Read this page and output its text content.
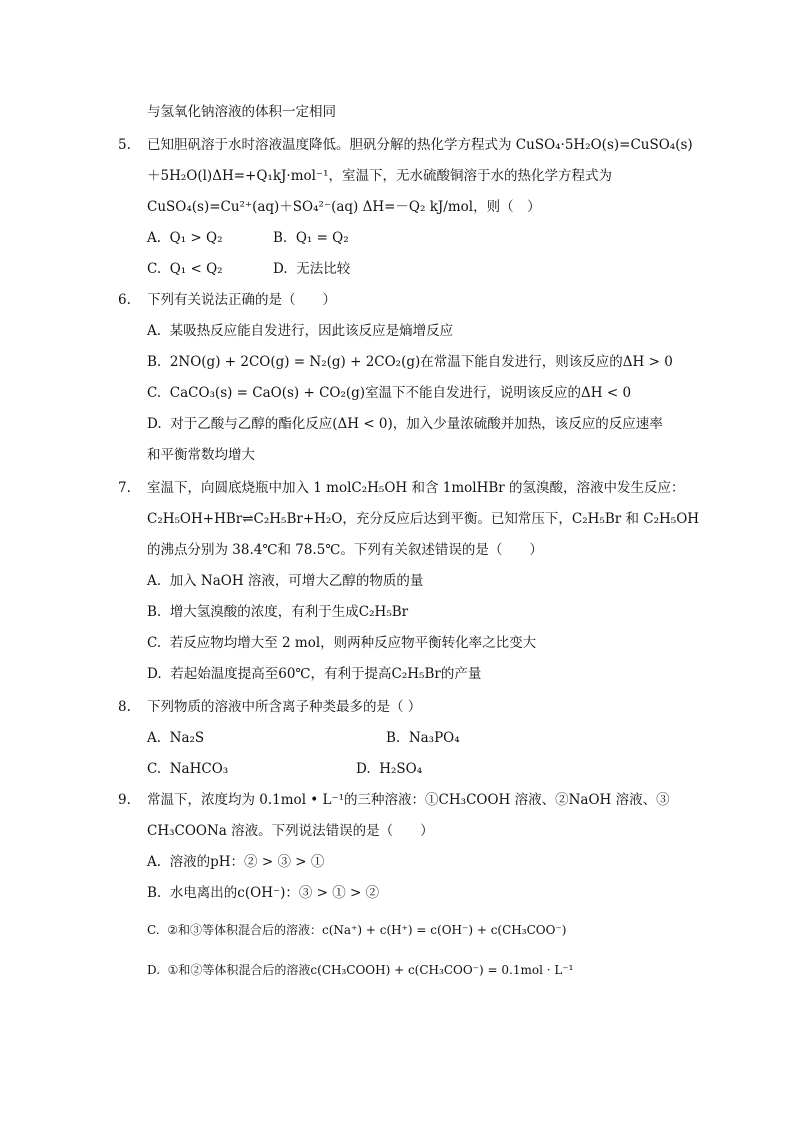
与氢氧化钠溶液的体积一定相同
5. 已知胆矾溶于水时溶液温度降低。胆矾分解的热化学方程式为 CuSO₄·5H₂O(s)=CuSO₄(s)
＋5H₂O(l)ΔH=+Q₁kJ·mol⁻¹，室温下，无水硫酸铜溶于水的热化学方程式为
CuSO₄(s)=Cu²⁺(aq)＋SO₄²⁻(aq) ΔH=－Q₂ kJ/mol，则（　）
A. Q₁ > Q₂	B. Q₁ = Q₂
C. Q₁ < Q₂	D. 无法比较
6. 下列有关说法正确的是（　　）
A. 某吸热反应能自发进行，因此该反应是熵增反应
B. 2NO(g) + 2CO(g) = N₂(g) + 2CO₂(g)在常温下能自发进行，则该反应的ΔH > 0
C. CaCO₃(s) = CaO(s) + CO₂(g)室温下不能自发进行，说明该反应的ΔH < 0
D. 对于乙酸与乙醇的酯化反应(ΔH < 0)，加入少量浓硫酸并加热，该反应的反应速率
和平衡常数均增大
7. 室温下，向圆底烧瓶中加入 1 molC₂H₅OH 和含 1molHBr 的氢溴酸，溶液中发生反应：
C₂H₅OH+HBr⇌C₂H₅Br+H₂O，充分反应后达到平衡。已知常压下，C₂H₅Br 和 C₂H₅OH
的沸点分别为 38.4℃和 78.5℃。下列有关叙述错误的是（　　）
A. 加入 NaOH 溶液，可增大乙醇的物质的量
B. 增大氢溴酸的浓度，有利于生成C₂H₅Br
C. 若反应物均增大至 2 mol，则两种反应物平衡转化率之比变大
D. 若起始温度提高至60℃，有利于提高C₂H₅Br的产量
8. 下列物质的溶液中所含离子种类最多的是（ ）
A. Na₂S	B. Na₃PO₄
C. NaHCO₃	D. H₂SO₄
9. 常温下，浓度均为 0.1mol • L⁻¹的三种溶液：①CH₃COOH 溶液、②NaOH 溶液、③
CH₃COONa 溶液。下列说法错误的是（　　）
A. 溶液的pH：② > ③ > ①
B. 水电离出的c(OH⁻)：③ > ① > ②
C. ②和③等体积混合后的溶液：c(Na⁺) + c(H⁺) = c(OH⁻) + c(CH₃COO⁻)
D. ①和②等体积混合后的溶液c(CH₃COOH) + c(CH₃COO⁻) = 0.1mol · L⁻¹
